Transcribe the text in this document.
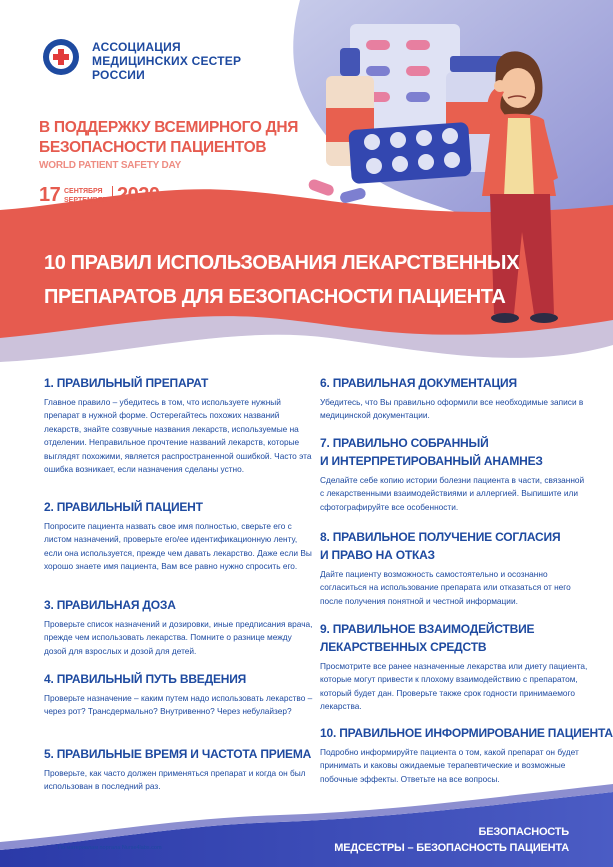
АССОЦИАЦИЯ
МЕДИЦИНСКИХ СЕСТЕР
РОССИИ
В ПОДДЕРЖКУ ВСЕМИРНОГО ДНЯ
БЕЗОПАСНОСТИ ПАЦИЕНТОВ
WORLD PATIENT SAFETY DAY
17 СЕНТЯБРЯ
SEPTEMBER 2020
10 ПРАВИЛ ИСПОЛЬЗОВАНИЯ ЛЕКАРСТВЕННЫХ
ПРЕПАРАТОВ ДЛЯ БЕЗОПАСНОСТИ ПАЦИЕНТА
1. ПРАВИЛЬНЫЙ ПРЕПАРАТ
Главное правило – убедитесь в том, что используете нужный препарат в нужной форме. Остерегайтесь похожих названий лекарств, знайте созвучные названия лекарств, используемые на отделении. Неправильное прочтение названий лекарств, которые выглядят похожими, является распространенной ошибкой. Часто эта ошибка возникает, если назначения сделаны устно.
2. ПРАВИЛЬНЫЙ ПАЦИЕНТ
Попросите пациента назвать свое имя полностью, сверьте его с листом назначений, проверьте его/ее идентификационную ленту, если она используется, прежде чем давать лекарство. Даже если Вы хорошо знаете имя пациента, Вам все равно нужно спросить его.
3. ПРАВИЛЬНАЯ ДОЗА
Проверьте список назначений и дозировки, иные предписания врача, прежде чем использовать лекарства. Помните о разнице между дозой для взрослых и дозой для детей.
4. ПРАВИЛЬНЫЙ ПУТЬ ВВЕДЕНИЯ
Проверьте назначение – каким путем надо использовать лекарство – через рот? Трансдермально? Внутривенно? Через небулайзер?
5. ПРАВИЛЬНЫЕ ВРЕМЯ И ЧАСТОТА ПРИЕМА
Проверьте, как часто должен применяться препарат и когда он был использован в последний раз.
6. ПРАВИЛЬНАЯ ДОКУМЕНТАЦИЯ
Убедитесь, что Вы правильно оформили все необходимые записи в медицинской документации.
7. ПРАВИЛЬНО СОБРАННЫЙ
И ИНТЕРПРЕТИРОВАННЫЙ АНАМНЕЗ
Сделайте себе копию истории болезни пациента в части, связанной с лекарственными взаимодействиями и аллергией. Выпишите или сфотографируйте все особенности.
8. ПРАВИЛЬНОЕ ПОЛУЧЕНИЕ СОГЛАСИЯ
И ПРАВО НА ОТКАЗ
Дайте пациенту возможность самостоятельно и осознанно согласиться на использование препарата или отказаться от него после получения понятной и честной информации.
9. ПРАВИЛЬНОЕ ВЗАИМОДЕЙСТВИЕ
ЛЕКАРСТВЕННЫХ СРЕДСТВ
Просмотрите все ранее назначенные лекарства или диету пациента, которые могут привести к плохому взаимодействию с препаратом, который будет дан. Проверьте также срок годности принимаемого лекарства.
10. ПРАВИЛЬНОЕ ИНФОРМИРОВАНИЕ ПАЦИЕНТА
Подробно информируйте пациента о том, какой препарат он будет принимать и каковы ожидаемые терапевтические и возможные побочные эффекты. Ответьте на все вопросы.
По материалам портала Nurse4labs.com
БЕЗОПАСНОСТЬ
МЕДСЕСТРЫ – БЕЗОПАСНОСТЬ ПАЦИЕНТА
